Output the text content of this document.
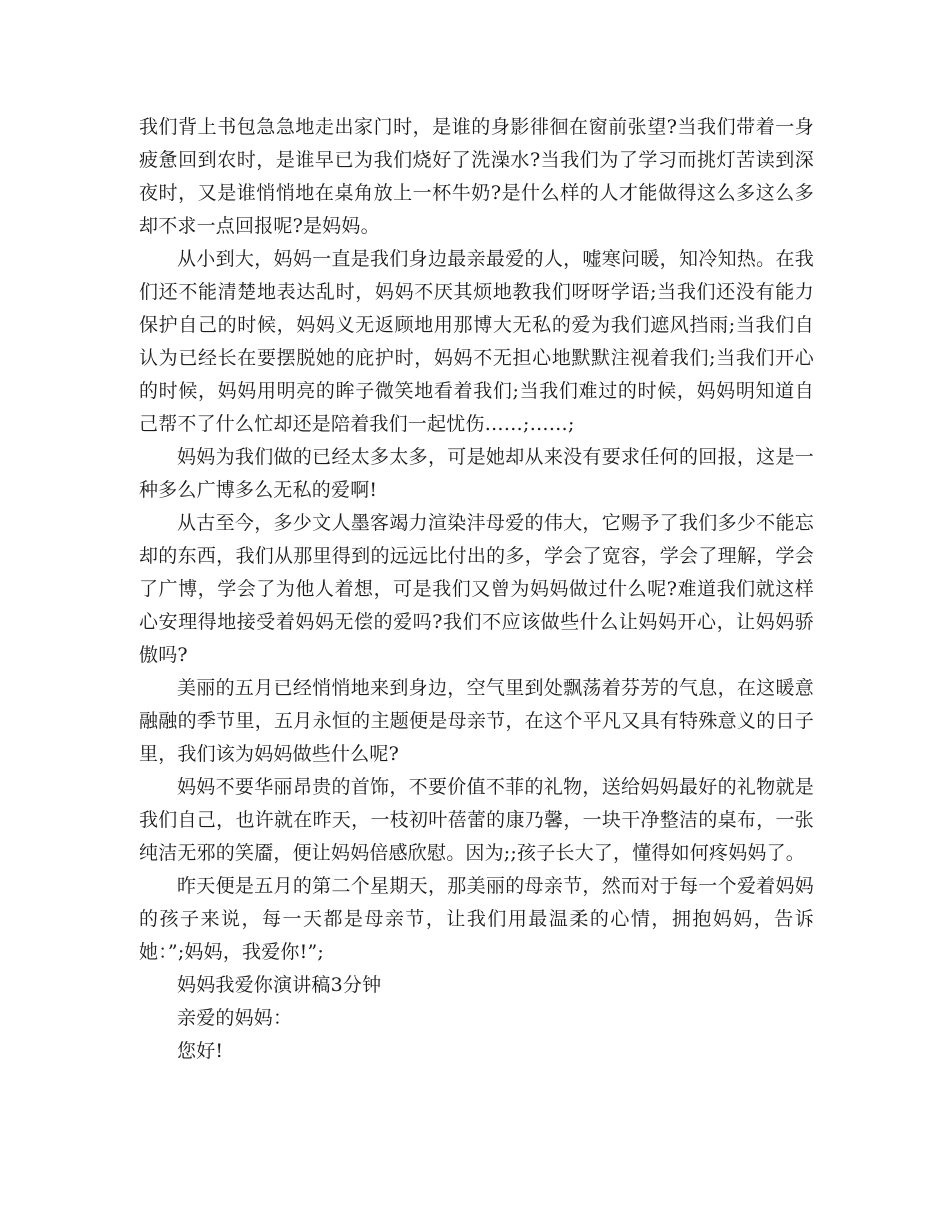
我们背上书包急急地走出家门时，是谁的身影徘徊在窗前张望?当我们带着一身疲惫回到农时，是谁早已为我们烧好了洗澡水?当我们为了学习而挑灯苦读到深夜时，又是谁悄悄地在桌角放上一杯牛奶?是什么样的人才能做得这么多这么多却不求一点回报呢?是妈妈。

从小到大，妈妈一直是我们身边最亲最爱的人，嘘寒问暖，知冷知热。在我们还不能清楚地表达乱时，妈妈不厌其烦地教我们呀呀学语;当我们还没有能力保护自己的时候，妈妈义无返顾地用那博大无私的爱为我们遮风挡雨;当我们自认为已经长在要摆脱她的庇护时，妈妈不无担心地默默注视着我们;当我们开心的时候，妈妈用明亮的眸子微笑地看着我们;当我们难过的时候，妈妈明知道自己帮不了什么忙却还是陪着我们一起忧伤……;……;

妈妈为我们做的已经太多太多，可是她却从来没有要求任何的回报，这是一种多么广博多么无私的爱啊!

从古至今，多少文人墨客竭力渲染沣母爱的伟大，它赐予了我们多少不能忘却的东西，我们从那里得到的远远比付出的多，学会了宽容，学会了理解，学会了广博，学会了为他人着想，可是我们又曾为妈妈做过什么呢?难道我们就这样心安理得地接受着妈妈无偿的爱吗?我们不应该做些什么让妈妈开心，让妈妈骄傲吗?

美丽的五月已经悄悄地来到身边，空气里到处飘荡着芬芳的气息，在这暖意融融的季节里，五月永恒的主题便是母亲节，在这个平凡又具有特殊意义的日子里，我们该为妈妈做些什么呢?

妈妈不要华丽昂贵的首饰，不要价值不菲的礼物，送给妈妈最好的礼物就是我们自己，也许就在昨天，一枝初叶蓓蕾的康乃馨，一块干净整洁的桌布，一张纯洁无邪的笑靥，便让妈妈倍感欣慰。因为;;孩子长大了，懂得如何疼妈妈了。

昨天便是五月的第二个星期天，那美丽的母亲节，然而对于每一个爱着妈妈的孩子来说，每一天都是母亲节，让我们用最温柔的心情，拥抱妈妈，告诉她：”;妈妈，我爱你!”;

妈妈我爱你演讲稿3分钟

亲爱的妈妈：

您好!
